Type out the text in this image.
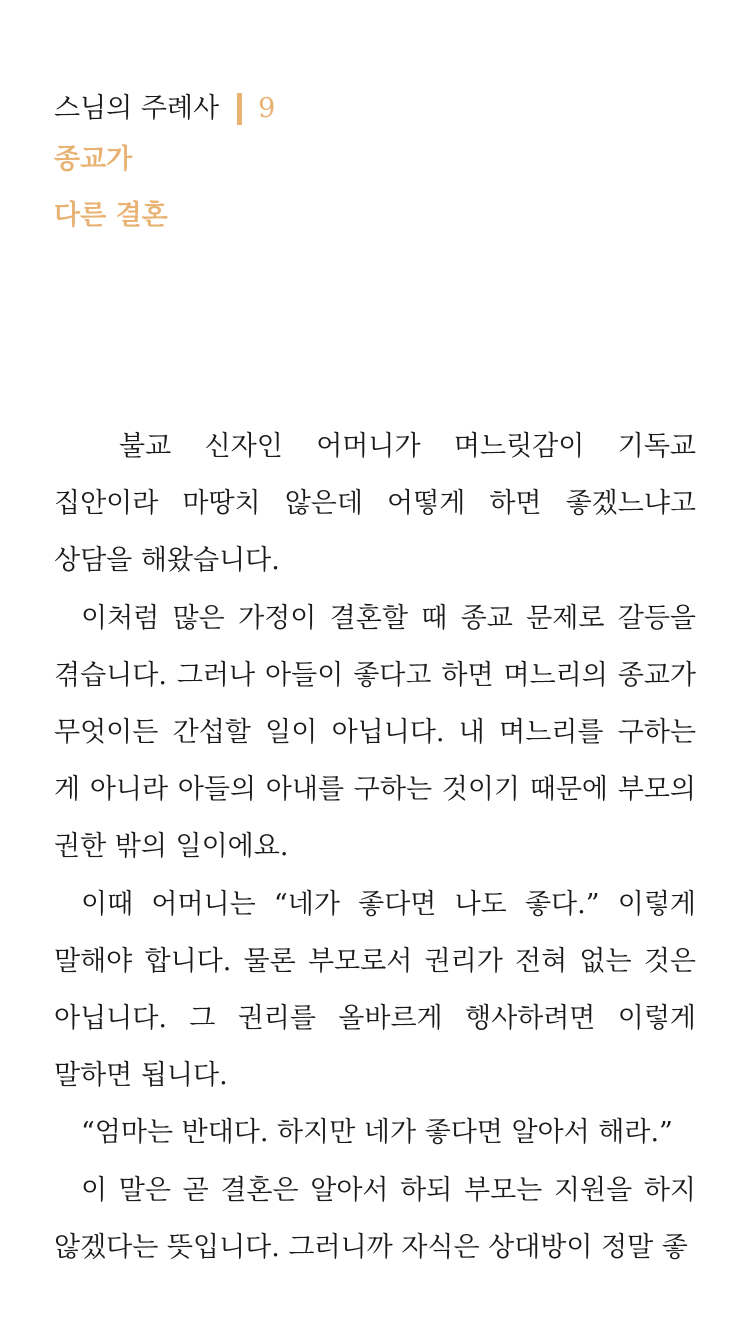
스님의 주례사 9
종교가
다른 결혼

불교 신자인 어머니가 며느릿감이 기독교 집안이라 마땅치 않은데 어떻게 하면 좋겠느냐고 상담을 해왔습니다.

이처럼 많은 가정이 결혼할 때 종교 문제로 갈등을 겪습니다. 그러나 아들이 좋다고 하면 며느리의 종교가 무엇이든 간섭할 일이 아닙니다. 내 며느리를 구하는 게 아니라 아들의 아내를 구하는 것이기 때문에 부모의 권한 밖의 일이에요.

이때 어머니는 “네가 좋다면 나도 좋다.” 이렇게 말해야 합니다. 물론 부모로서 권리가 전혀 없는 것은 아닙니다. 그 권리를 올바르게 행사하려면 이렇게 말하면 됩니다.

“엄마는 반대다. 하지만 네가 좋다면 알아서 해라.”

이 말은 곧 결혼은 알아서 하되 부모는 지원을 하지 않겠다는 뜻입니다. 그러니까 자식은 상대방이 정말 좋
